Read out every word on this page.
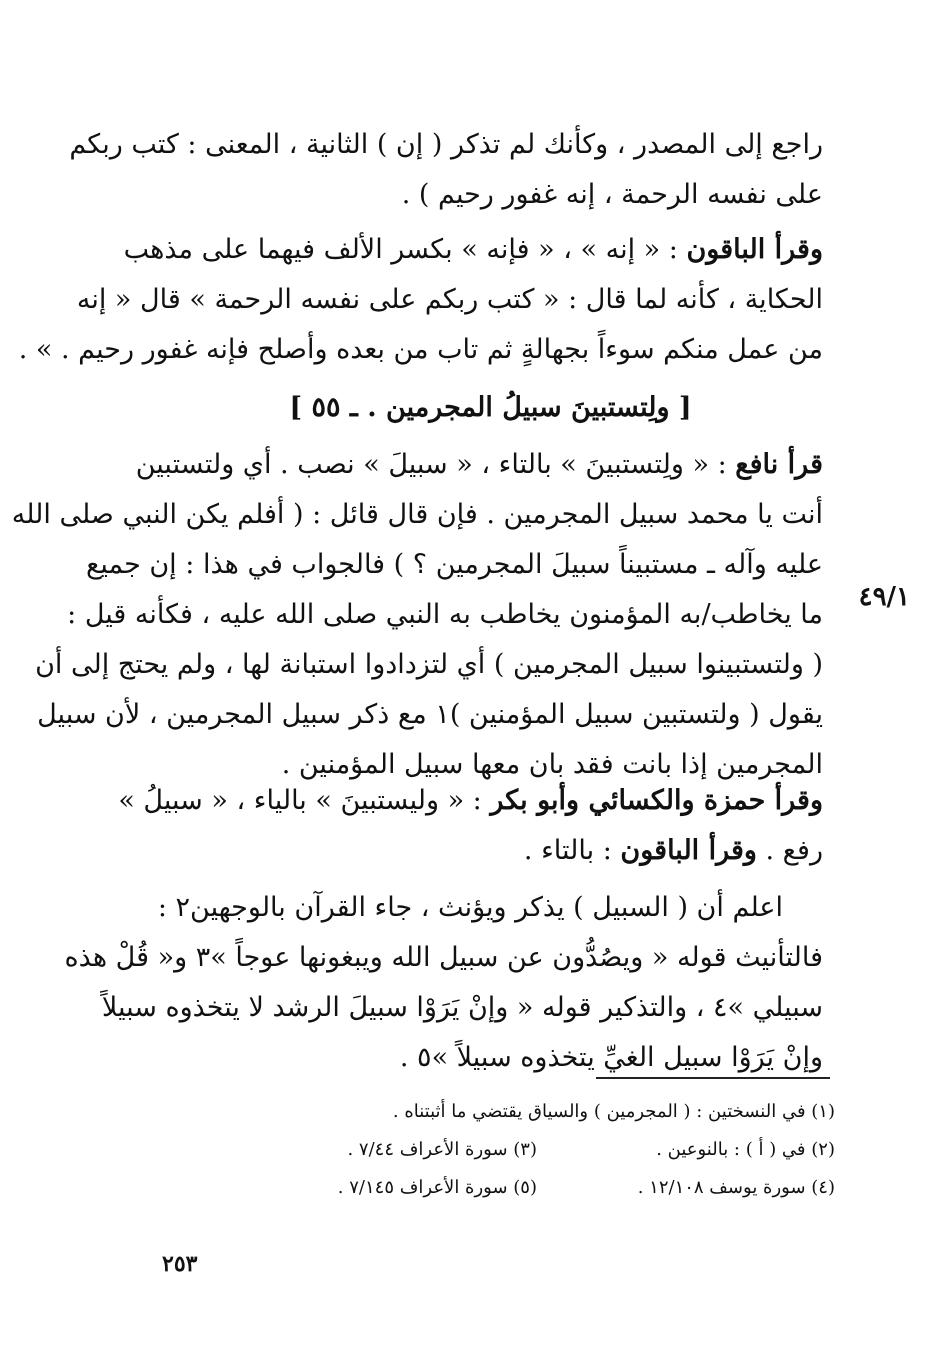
راجع إلى المصدر ، وكأنك لم تذكر ( إن ) الثانية ، المعنى : كتب ربكم
على نفسه الرحمة ، إنه غفور رحيم ) .
وقرأ الباقون : « إنه » ، « فإنه » بكسر الألف فيهما على مذهب
الحكاية ، كأنه لما قال : « كتب ربكم على نفسه الرحمة » قال « إنه
من عمل منكم سوءاً بجهالةٍ ثم تاب من بعده وأصلح فإنه غفور رحيم . » .
[ ولِتستبينَ سبيلُ المجرمين . ـ ٥٥ ]
قرأ نافع : « ولِتستبينَ » بالتاء ، « سبيلَ » نصب . أي ولتستبين
أنت يا محمد سبيل المجرمين . فإن قال قائل : ( أفلم يكن النبي صلى الله
عليه وآله ـ مستبيناً سبيلَ المجرمين ؟ ) فالجواب في هذا : إن جميع
ما يخاطب/به المؤمنون يخاطب به النبي صلى الله عليه ، فكأنه قيل :
( ولتستبينوا سبيل المجرمين ) أي لتزدادوا استبانة لها ، ولم يحتج إلى أن
يقول ( ولتستبين سبيل المؤمنين )١ مع ذكر سبيل المجرمين ، لأن سبيل
المجرمين إذا بانت فقد بان معها سبيل المؤمنين .
٤٩/١
وقرأ حمزة والكسائي وأبو بكر : « وليستبينَ » بالياء ، « سبيلُ »
رفع . وقرأ الباقون : بالتاء .
اعلم أن ( السبيل ) يذكر ويؤنث ، جاء القرآن بالوجهين٢ :
فالتأنيث قوله « ويصُدُّون عن سبيل الله ويبغونها عوجاً »٣ و« قُلْ هذه
سبيلي »٤ ، والتذكير قوله « وإنْ يَرَوْا سبيلَ الرشد لا يتخذوه سبيلاً
وإنْ يَرَوْا سبيل الغيِّ يتخذوه سبيلاً »٥ .
(١) في النسختين : ( المجرمين ) والسياق يقتضي ما أثبتناه .
(٢) في ( أ ) : بالنوعين .
(٣) سورة الأعراف ٧/٤٤ .
(٤) سورة يوسف ١٢/١٠٨ .
(٥) سورة الأعراف ٧/١٤٥ .
٢٥٣
